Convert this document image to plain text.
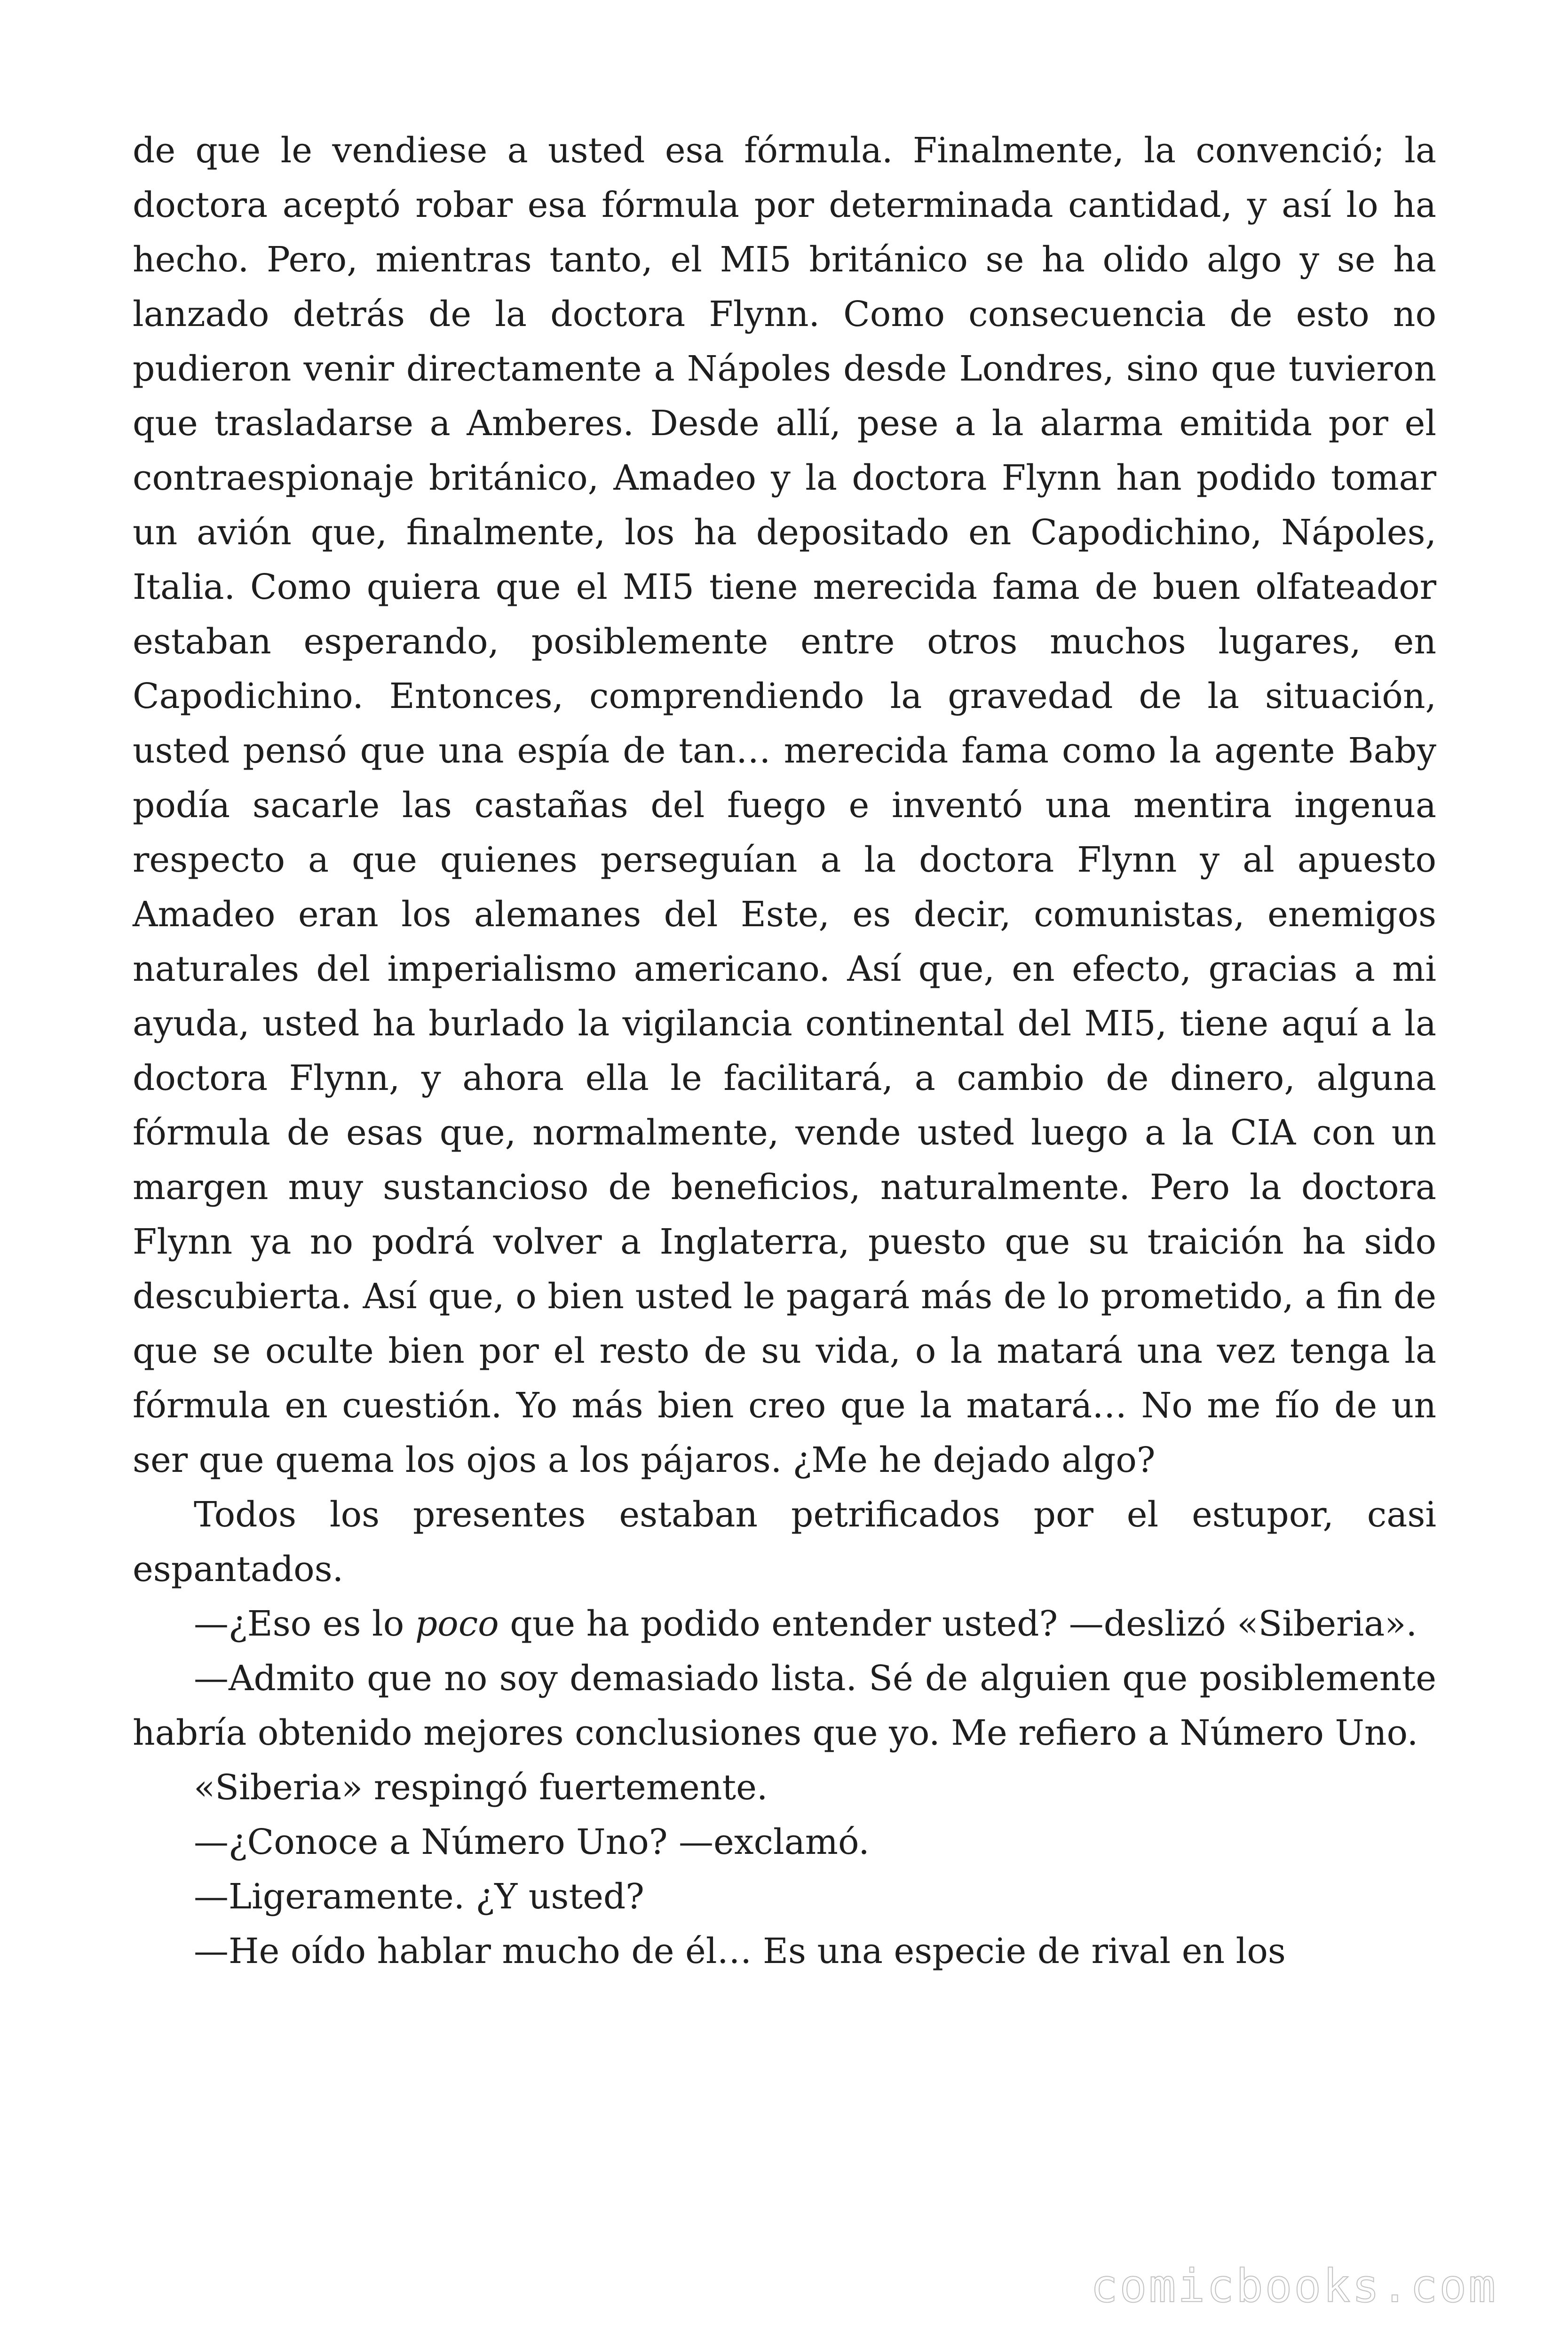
de que le vendiese a usted esa fórmula. Finalmente, la convenció; la doctora aceptó robar esa fórmula por determinada cantidad, y así lo ha hecho. Pero, mientras tanto, el MI5 británico se ha olido algo y se ha lanzado detrás de la doctora Flynn. Como consecuencia de esto no pudieron venir directamente a Nápoles desde Londres, sino que tuvieron que trasladarse a Amberes. Desde allí, pese a la alarma emitida por el contraespionaje británico, Amadeo y la doctora Flynn han podido tomar un avión que, finalmente, los ha depositado en Capodichino, Nápoles, Italia. Como quiera que el MI5 tiene merecida fama de buen olfateador estaban esperando, posiblemente entre otros muchos lugares, en Capodichino. Entonces, comprendiendo la gravedad de la situación, usted pensó que una espía de tan… merecida fama como la agente Baby podía sacarle las castañas del fuego e inventó una mentira ingenua respecto a que quienes perseguían a la doctora Flynn y al apuesto Amadeo eran los alemanes del Este, es decir, comunistas, enemigos naturales del imperialismo americano. Así que, en efecto, gracias a mi ayuda, usted ha burlado la vigilancia continental del MI5, tiene aquí a la doctora Flynn, y ahora ella le facilitará, a cambio de dinero, alguna fórmula de esas que, normalmente, vende usted luego a la CIA con un margen muy sustancioso de beneficios, naturalmente. Pero la doctora Flynn ya no podrá volver a Inglaterra, puesto que su traición ha sido descubierta. Así que, o bien usted le pagará más de lo prometido, a fin de que se oculte bien por el resto de su vida, o la matará una vez tenga la fórmula en cuestión. Yo más bien creo que la matará… No me fío de un ser que quema los ojos a los pájaros. ¿Me he dejado algo?

Todos los presentes estaban petrificados por el estupor, casi espantados.

—¿Eso es lo poco que ha podido entender usted? —deslizó «Siberia».

—Admito que no soy demasiado lista. Sé de alguien que posiblemente habría obtenido mejores conclusiones que yo. Me refiero a Número Uno.

«Siberia» respingó fuertemente.

—¿Conoce a Número Uno? —exclamó.

—Ligeramente. ¿Y usted?

—He oído hablar mucho de él… Es una especie de rival en los

comicbooks.com
